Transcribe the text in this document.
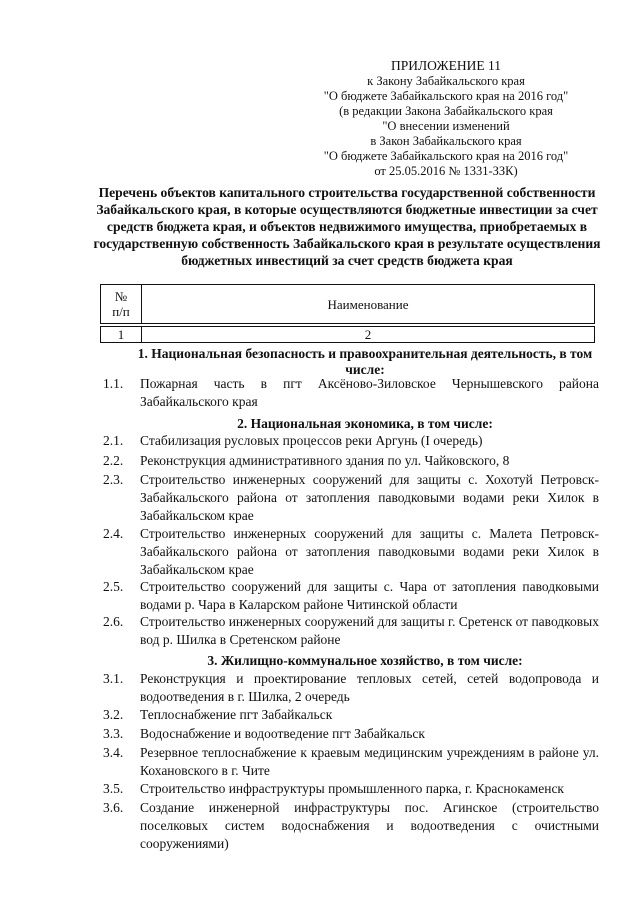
ПРИЛОЖЕНИЕ 11
к Закону Забайкальского края
"О бюджете Забайкальского края на 2016 год"
(в редакции Закона Забайкальского края
"О внесении изменений
в Закон Забайкальского края
"О бюджете Забайкальского края на 2016 год"
от 25.05.2016 № 1331-ЗЗК)
Перечень объектов капитального строительства государственной собственности Забайкальского края, в которые осуществляются бюджетные инвестиции за счет средств бюджета края, и объектов недвижимого имущества, приобретаемых в государственную собственность Забайкальского края в результате осуществления бюджетных инвестиций за счет средств бюджета края
№
п/п	Наименование

1	2
1. Национальная безопасность и правоохранительная деятельность, в том числе:
1.1.	Пожарная часть в пгт Аксёново-Зиловское Чернышевского района Забайкальского края
2. Национальная экономика, в том числе:
2.1.	Стабилизация русловых процессов реки Аргунь (I очередь)
2.2.	Реконструкция административного здания по ул. Чайковского, 8
2.3.	Строительство инженерных сооружений для защиты с. Хохотуй Петровск-Забайкальского района от затопления паводковыми водами реки Хилок в Забайкальском крае
2.4.	Строительство инженерных сооружений для защиты с. Малета Петровск-Забайкальского района от затопления паводковыми водами реки Хилок в Забайкальском крае
2.5.	Строительство сооружений для защиты с. Чара от затопления паводковыми водами р. Чара в Каларском районе Читинской области
2.6.	Строительство инженерных сооружений для защиты г. Сретенск от паводковых вод р. Шилка в Сретенском районе
3. Жилищно-коммунальное хозяйство, в том числе:
3.1.	Реконструкция и проектирование тепловых сетей, сетей водопровода и водоотведения в г. Шилка, 2 очередь
3.2.	Теплоснабжение пгт Забайкальск
3.3.	Водоснабжение и водоотведение пгт Забайкальск
3.4.	Резервное теплоснабжение к краевым медицинским учреждениям в районе ул. Кохановского в г. Чите
3.5.	Строительство инфраструктуры промышленного парка, г. Краснокаменск
3.6.	Создание инженерной инфраструктуры пос. Агинское (строительство поселковых систем водоснабжения и водоотведения с очистными сооружениями)
